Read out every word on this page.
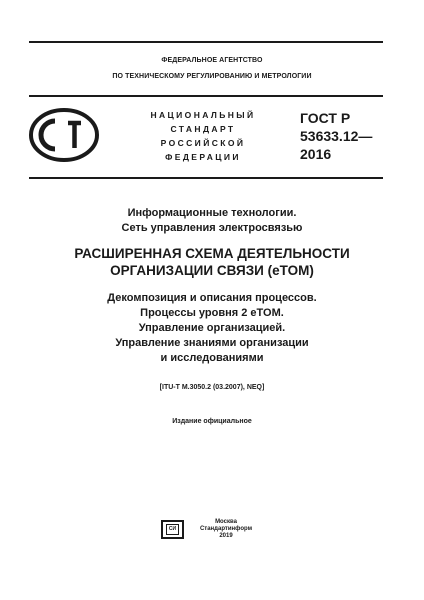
ФЕДЕРАЛЬНОЕ АГЕНТСТВО
ПО ТЕХНИЧЕСКОМУ РЕГУЛИРОВАНИЮ И МЕТРОЛОГИИ
НАЦИОНАЛЬНЫЙ
СТАНДАРТ
РОССИЙСКОЙ
ФЕДЕРАЦИИ
ГОСТ Р
53633.12—
2016
Информационные технологии.
Сеть управления электросвязью
РАСШИРЕННАЯ СХЕМА ДЕЯТЕЛЬНОСТИ
ОРГАНИЗАЦИИ СВЯЗИ (eTOM)
Декомпозиция и описания процессов.
Процессы уровня 2 eTOM.
Управление организацией.
Управление знаниями организации
и исследованиями
[ITU-T M.3050.2 (03.2007), NEQ]
Издание официальное
СИ
Москва
Стандартинформ
2019
